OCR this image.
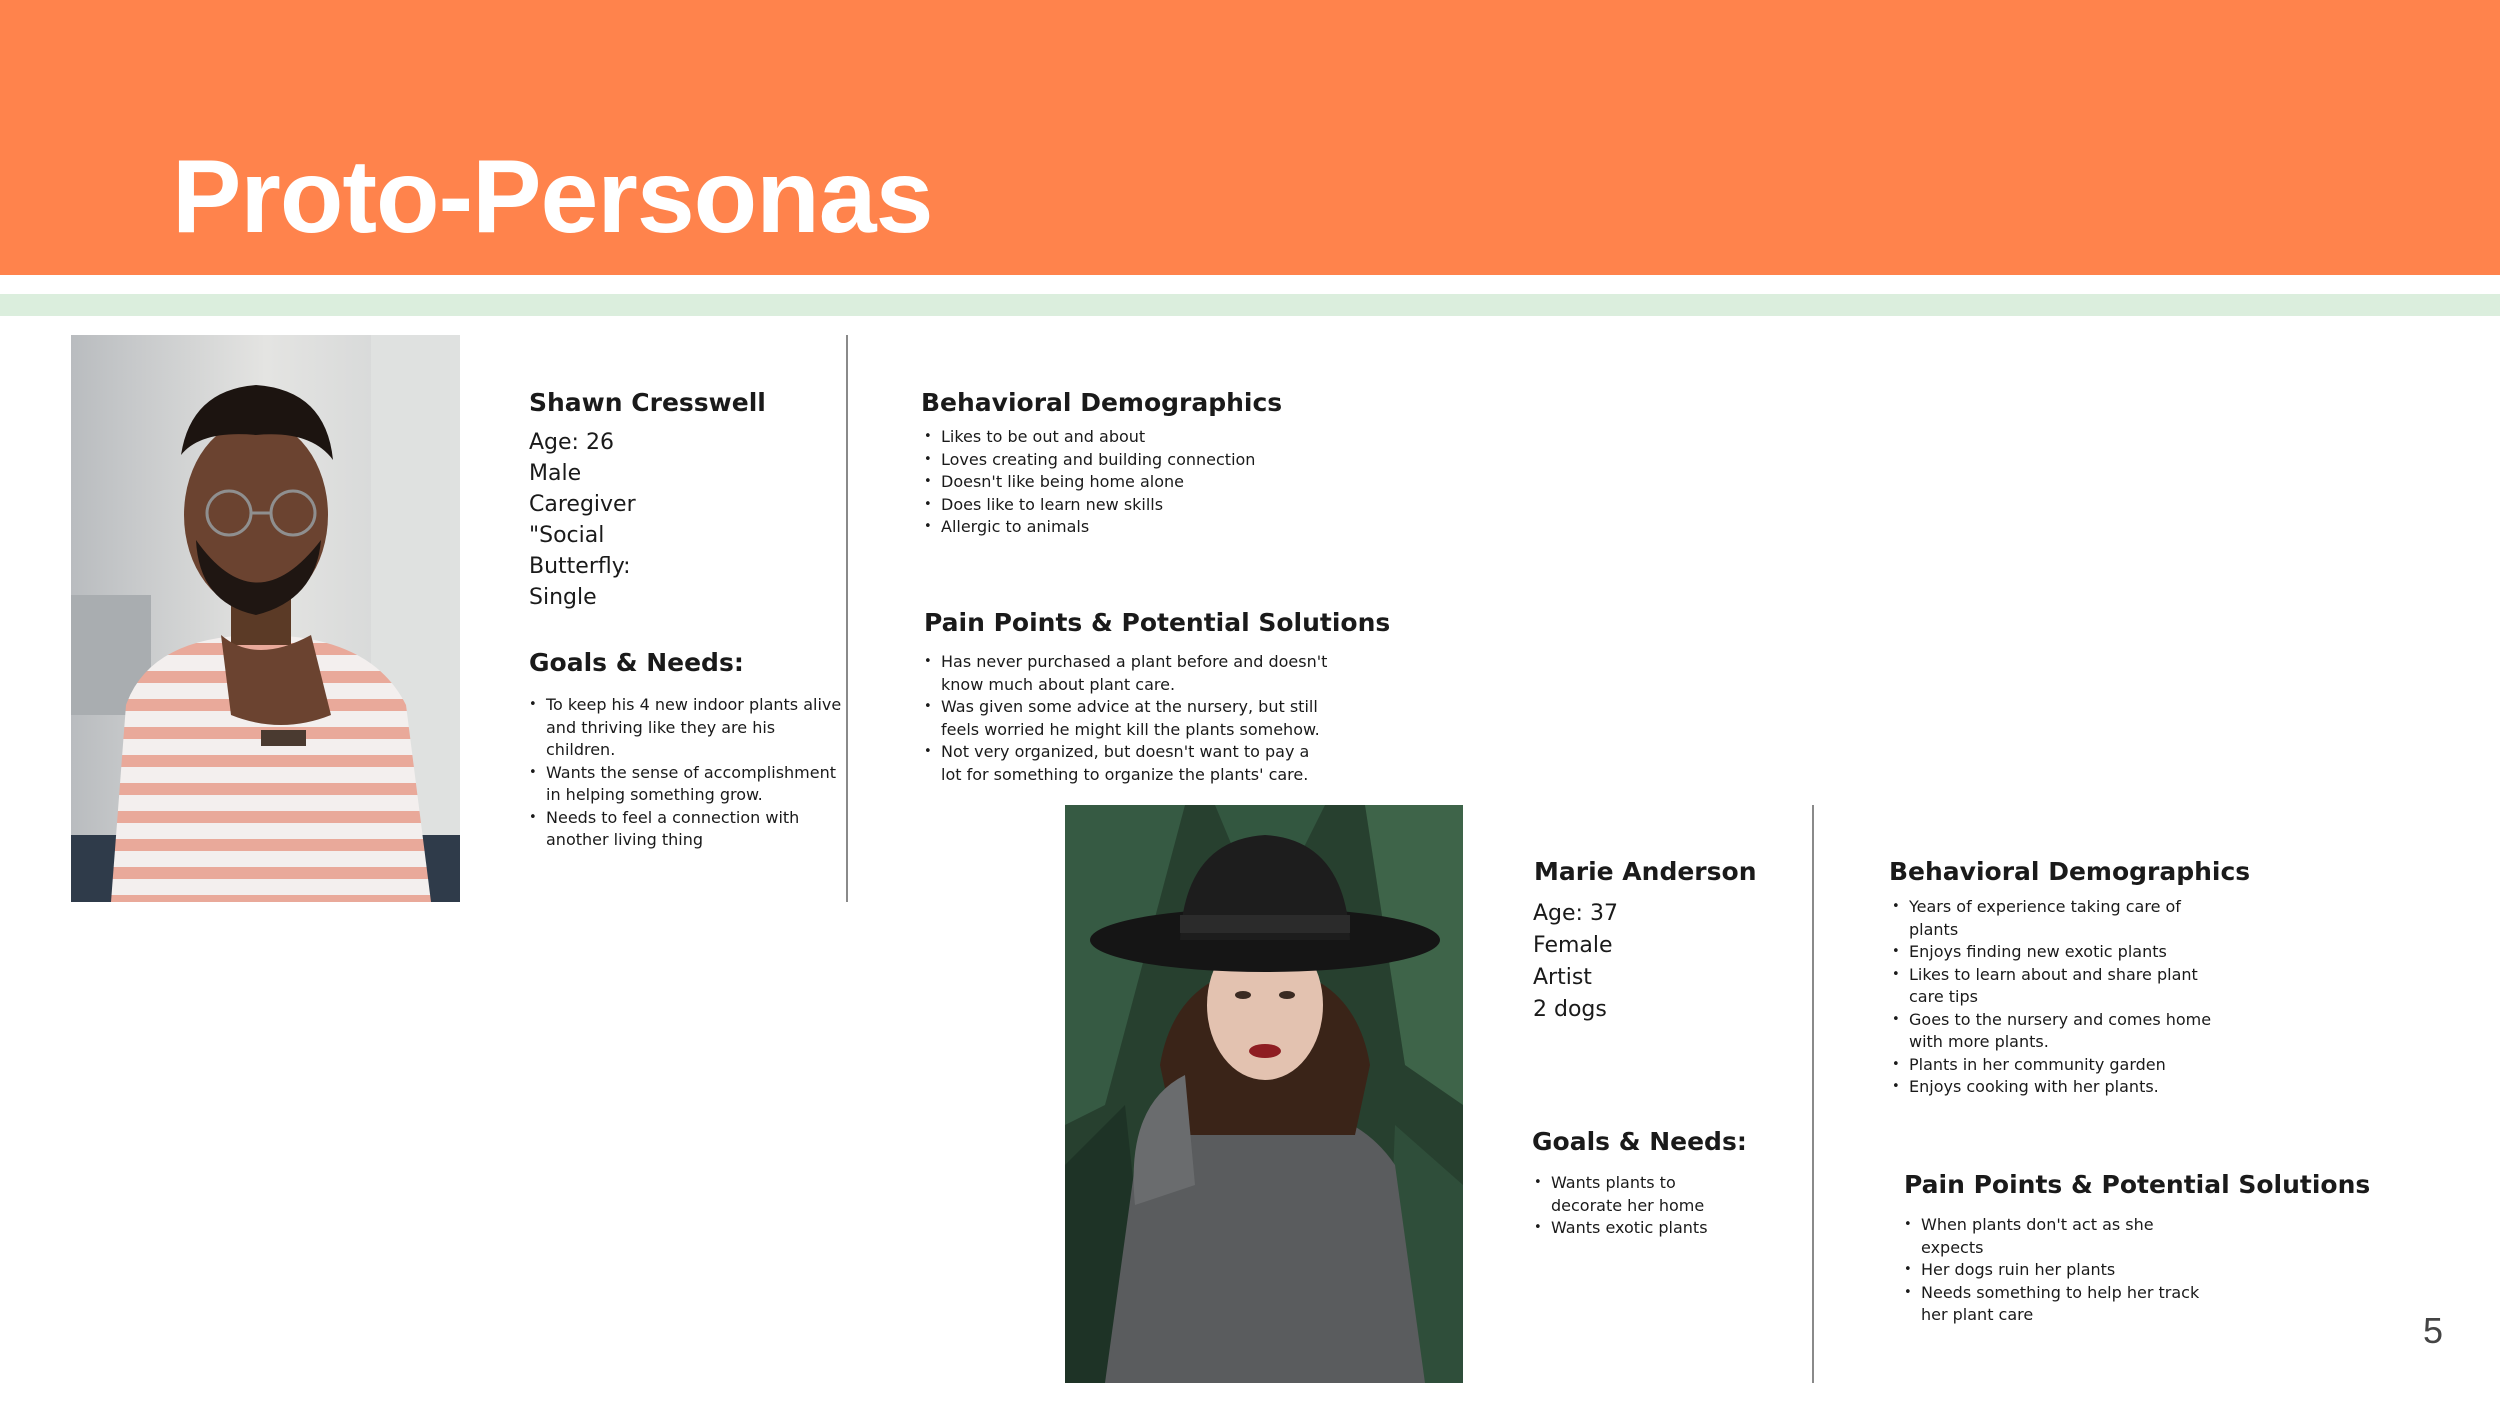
Proto-Personas
Shawn Cresswell
Age: 26
Male
Caregiver
"Social
Butterfly:
Single
Goals & Needs:
• To keep his 4 new indoor plants alive and thriving like they are his children.
• Wants the sense of accomplishment in helping something grow.
• Needs to feel a connection with another living thing
Behavioral Demographics
• Likes to be out and about
• Loves creating and building connection
• Doesn't like being home alone
• Does like to learn new skills
• Allergic to animals
Pain Points & Potential Solutions
• Has never purchased a plant before and doesn't know much about plant care.
• Was given some advice at the nursery, but still feels worried he might kill the plants somehow.
• Not very organized, but doesn't want to pay a lot for something to organize the plants' care.
Marie Anderson
Age: 37
Female
Artist
2 dogs
Goals & Needs:
• Wants plants to decorate her home
• Wants exotic plants
Behavioral Demographics
• Years of experience taking care of plants
• Enjoys finding new exotic plants
• Likes to learn about and share plant care tips
• Goes to the nursery and comes home with more plants.
• Plants in her community garden
• Enjoys cooking with her plants.
Pain Points & Potential Solutions
• When plants don't act as she expects
• Her dogs ruin her plants
• Needs something to help her track her plant care	5
